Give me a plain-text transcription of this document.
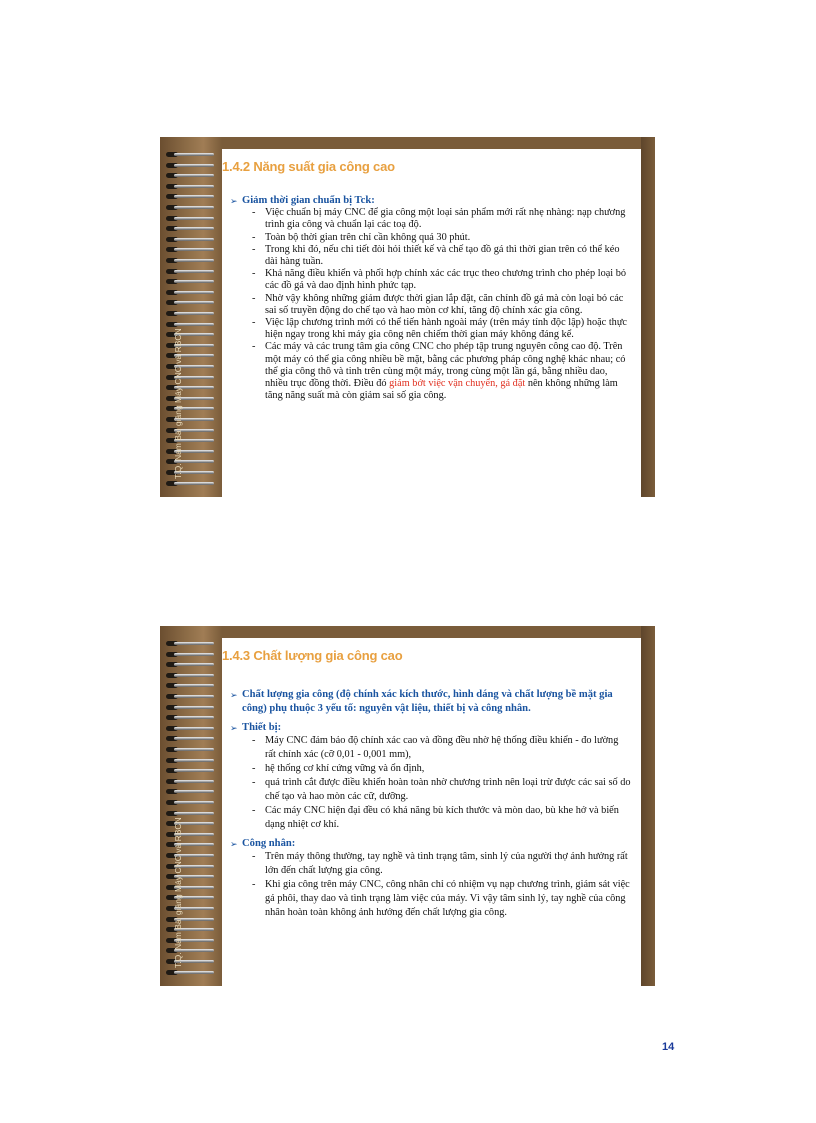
T.Q. Nam Bài giảng Máy CNC và RBCN
1.4.2 Năng suất gia công cao
➢ Giảm thời gian chuẩn bị Tck:
- Việc chuẩn bị máy CNC để gia công một loại sản phẩm mới rất nhẹ nhàng: nạp chương trình gia công và chuẩn lại các toạ độ.
- Toàn bộ thời gian trên chỉ cần không quá 30 phút.
- Trong khi đó, nếu chi tiết đòi hỏi thiết kế và chế tạo đồ gá thì thời gian trên có thể kéo dài hàng tuần.
- Khả năng điều khiển và phối hợp chính xác các trục theo chương trình cho phép loại bỏ các đồ gá và dao định hình phức tạp.
- Nhờ vậy không những giảm được thời gian lắp đặt, căn chỉnh đồ gá mà còn loại bỏ các sai số truyền động do chế tạo và hao mòn cơ khí, tăng độ chính xác gia công.
- Việc lập chương trình mới có thể tiến hành ngoài máy (trên máy tính độc lập) hoặc thực hiện ngay trong khi máy gia công nên chiếm thời gian máy không đáng kể.
- Các máy và các trung tâm gia công CNC cho phép tập trung nguyên công cao độ. Trên một máy có thể gia công nhiều bề mặt, bằng các phương pháp công nghệ khác nhau; có thể gia công thô và tinh trên cùng một máy, trong cùng một lần gá, bằng nhiều dao, nhiều trục đồng thời. Điều đó giảm bớt việc vận chuyển, gá đặt nên không những làm tăng năng suất mà còn giảm sai số gia công.
T.Q. Nam Bài giảng Máy CNC và RBCN
1.4.3 Chất lượng gia công cao
➢ Chất lượng gia công (độ chính xác kích thước, hình dáng và chất lượng bề mặt gia công) phụ thuộc 3 yếu tố: nguyên vật liệu, thiết bị và công nhân.
➢ Thiết bị:
- Máy CNC đảm bảo độ chính xác cao và đồng đều nhờ hệ thống điều khiển - đo lường rất chính xác (cỡ 0,01 - 0,001 mm),
- hệ thống cơ khí cứng vững và ổn định,
- quá trình cắt được điều khiển hoàn toàn nhờ chương trình nên loại trừ được các sai số do chế tạo và hao mòn các cữ, dưỡng.
- Các máy CNC hiện đại đều có khả năng bù kích thước và mòn dao, bù khe hở và biến dạng nhiệt cơ khí.
➢ Công nhân:
- Trên máy thông thường, tay nghề và tình trạng tâm, sinh lý của người thợ ảnh hưởng rất lớn đến chất lượng gia công.
- Khi gia công trên máy CNC, công nhân chỉ có nhiệm vụ nạp chương trình, giám sát việc gá phôi, thay dao và tình trạng làm việc của máy. Vì vậy tâm sinh lý, tay nghề của công nhân hoàn toàn không ảnh hưởng đến chất lượng gia công.
14
